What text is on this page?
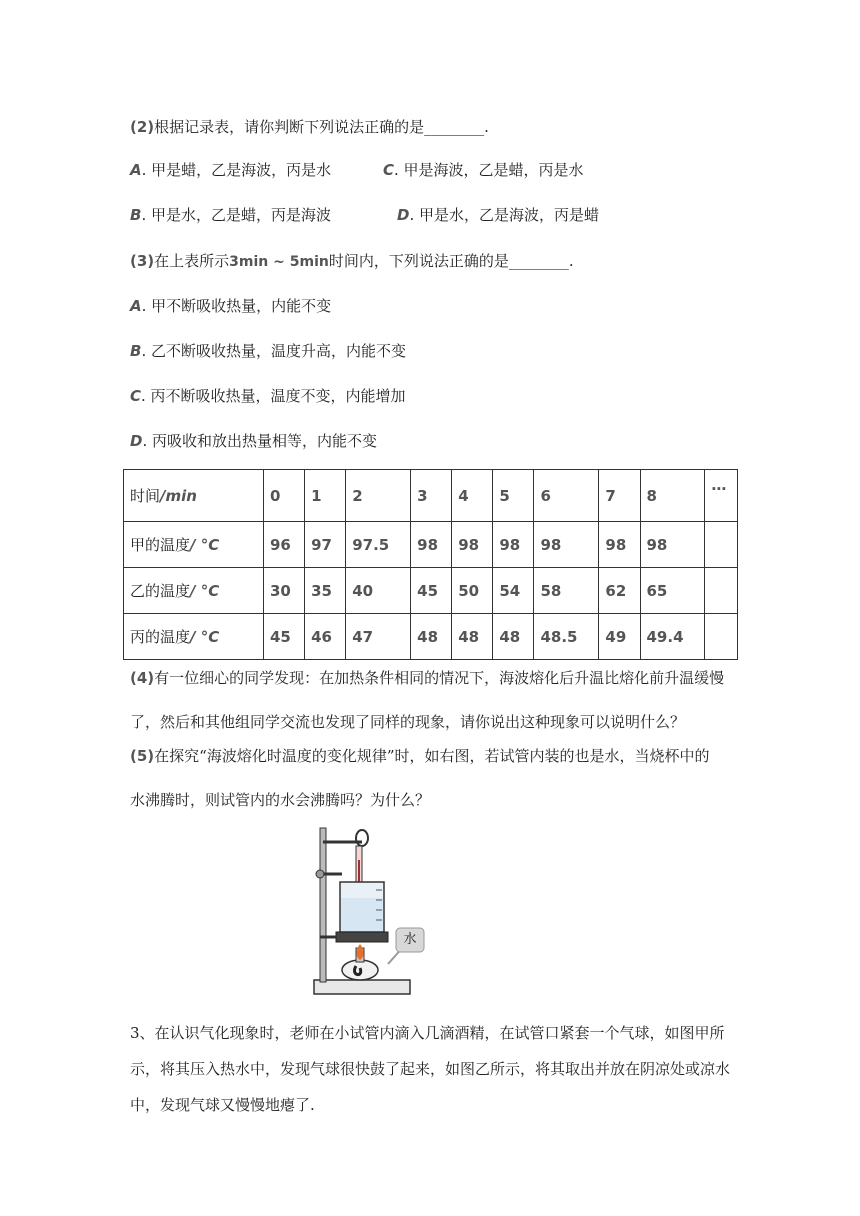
(2)根据记录表，请你判断下列说法正确的是________.
A. 甲是蜡，乙是海波，丙是水	C. 甲是海波，乙是蜡，丙是水
B. 甲是水，乙是蜡，丙是海波	D. 甲是水，乙是海波，丙是蜡
(3)在上表所示3min ~ 5min时间内，下列说法正确的是________.
A. 甲不断吸收热量，内能不变
B. 乙不断吸收热量，温度升高，内能不变
C. 丙不断吸收热量，温度不变，内能增加
D. 丙吸收和放出热量相等，内能不变
时间/min	0	1	2	3	4	5	6	7	8	…
甲的温度/ °C	96	97	97.5	98	98	98	98	98	98	
乙的温度/ °C	30	35	40	45	50	54	58	62	65	
丙的温度/ °C	45	46	47	48	48	48	48.5	49	49.4	
(4)有一位细心的同学发现：在加热条件相同的情况下，海波熔化后升温比熔化前升温缓慢
了，然后和其他组同学交流也发现了同样的现象，请你说出这种现象可以说明什么？
(5)在探究“海波熔化时温度的变化规律”时，如右图，若试管内装的也是水，当烧杯中的
水沸腾时，则试管内的水会沸腾吗？为什么？
水
3、在认识气化现象时，老师在小试管内滴入几滴酒精，在试管口紧套一个气球，如图甲所
示，将其压入热水中，发现气球很快鼓了起来，如图乙所示，将其取出并放在阴凉处或凉水
中，发现气球又慢慢地瘪了.
